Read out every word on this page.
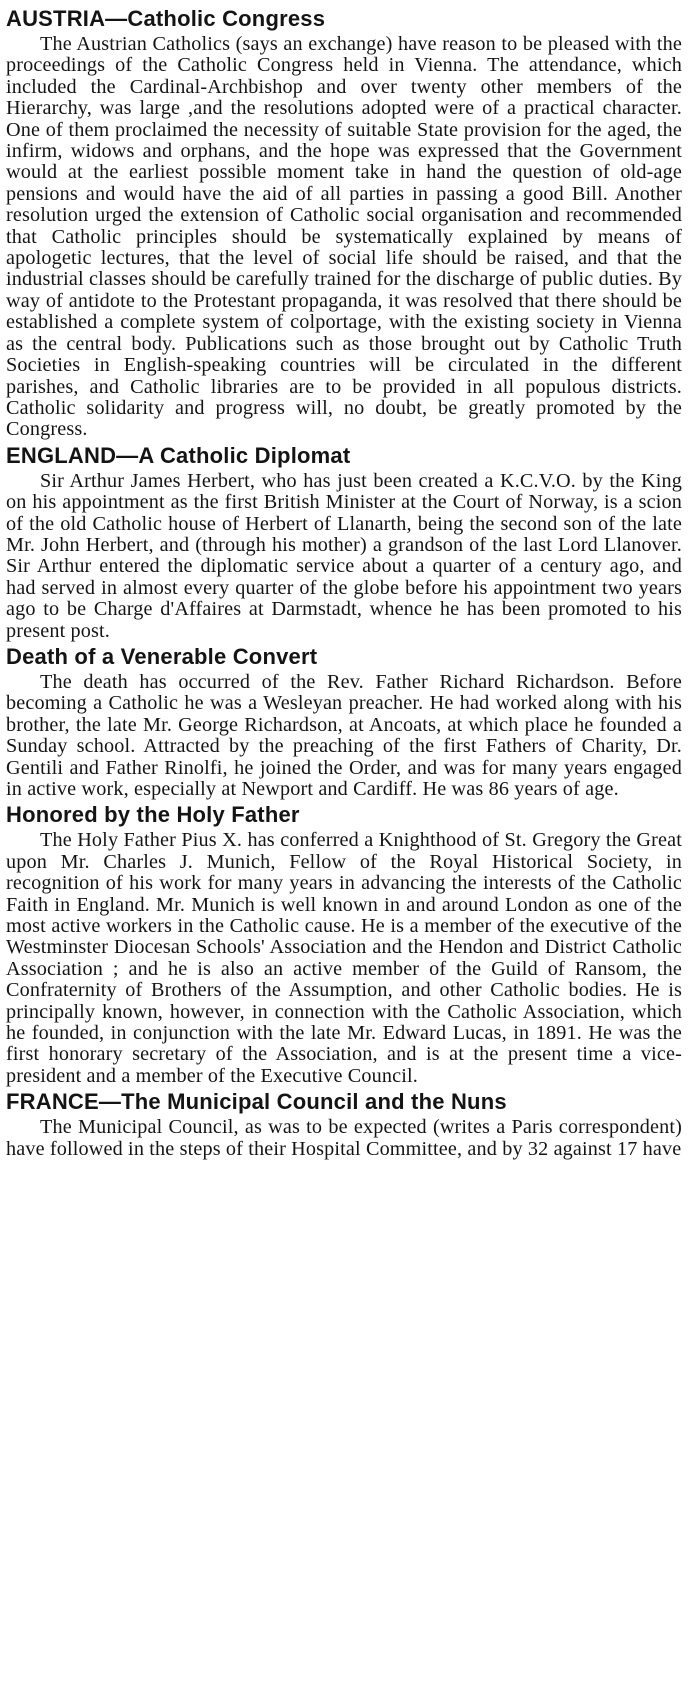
AUSTRIA—Catholic Congress

The Austrian Catholics (says an exchange) have reason to be pleased with the proceedings of the Catholic Congress held in Vienna. The attendance, which included the Cardinal-Archbishop and over twenty other members of the Hierarchy, was large ,and the resolutions adopted were of a practical character. One of them proclaimed the necessity of suitable State provision for the aged, the infirm, widows and orphans, and the hope was expressed that the Government would at the earliest possible moment take in hand the question of old-age pensions and would have the aid of all parties in passing a good Bill. Another resolution urged the extension of Catholic social organisation and recommended that Catholic principles should be systematically explained by means of apologetic lectures, that the level of social life should be raised, and that the industrial classes should be carefully trained for the discharge of public duties. By way of antidote to the Protestant propaganda, it was resolved that there should be established a complete system of colportage, with the existing society in Vienna as the central body. Publications such as those brought out by Catholic Truth Societies in English-speaking countries will be circulated in the different parishes, and Catholic libraries are to be provided in all populous districts. Catholic solidarity and progress will, no doubt, be greatly promoted by the Congress.

ENGLAND—A Catholic Diplomat

Sir Arthur James Herbert, who has just been created a K.C.V.O. by the King on his appointment as the first British Minister at the Court of Norway, is a scion of the old Catholic house of Herbert of Llanarth, being the second son of the late Mr. John Herbert, and (through his mother) a grandson of the last Lord Llanover. Sir Arthur entered the diplomatic service about a quarter of a century ago, and had served in almost every quarter of the globe before his appointment two years ago to be Charge d'Affaires at Darmstadt, whence he has been promoted to his present post.

Death of a Venerable Convert

The death has occurred of the Rev. Father Richard Richardson. Before becoming a Catholic he was a Wesleyan preacher. He had worked along with his brother, the late Mr. George Richardson, at Ancoats, at which place he founded a Sunday school. Attracted by the preaching of the first Fathers of Charity, Dr. Gentili and Father Rinolfi, he joined the Order, and was for many years engaged in active work, especially at Newport and Cardiff. He was 86 years of age.

Honored by the Holy Father

The Holy Father Pius X. has conferred a Knighthood of St. Gregory the Great upon Mr. Charles J. Munich, Fellow of the Royal Historical Society, in recognition of his work for many years in advancing the interests of the Catholic Faith in England. Mr. Munich is well known in and around London as one of the most active workers in the Catholic cause. He is a member of the executive of the Westminster Diocesan Schools' Association and the Hendon and District Catholic Association ; and he is also an active member of the Guild of Ransom, the Confraternity of Brothers of the Assumption, and other Catholic bodies. He is principally known, however, in connection with the Catholic Association, which he founded, in conjunction with the late Mr. Edward Lucas, in 1891. He was the first honorary secretary of the Association, and is at the present time a vice-president and a member of the Executive Council.

FRANCE—The Municipal Council and the Nuns

The Municipal Council, as was to be expected (writes a Paris correspondent) have followed in the steps of their Hospital Committee, and by 32 against 17 have
